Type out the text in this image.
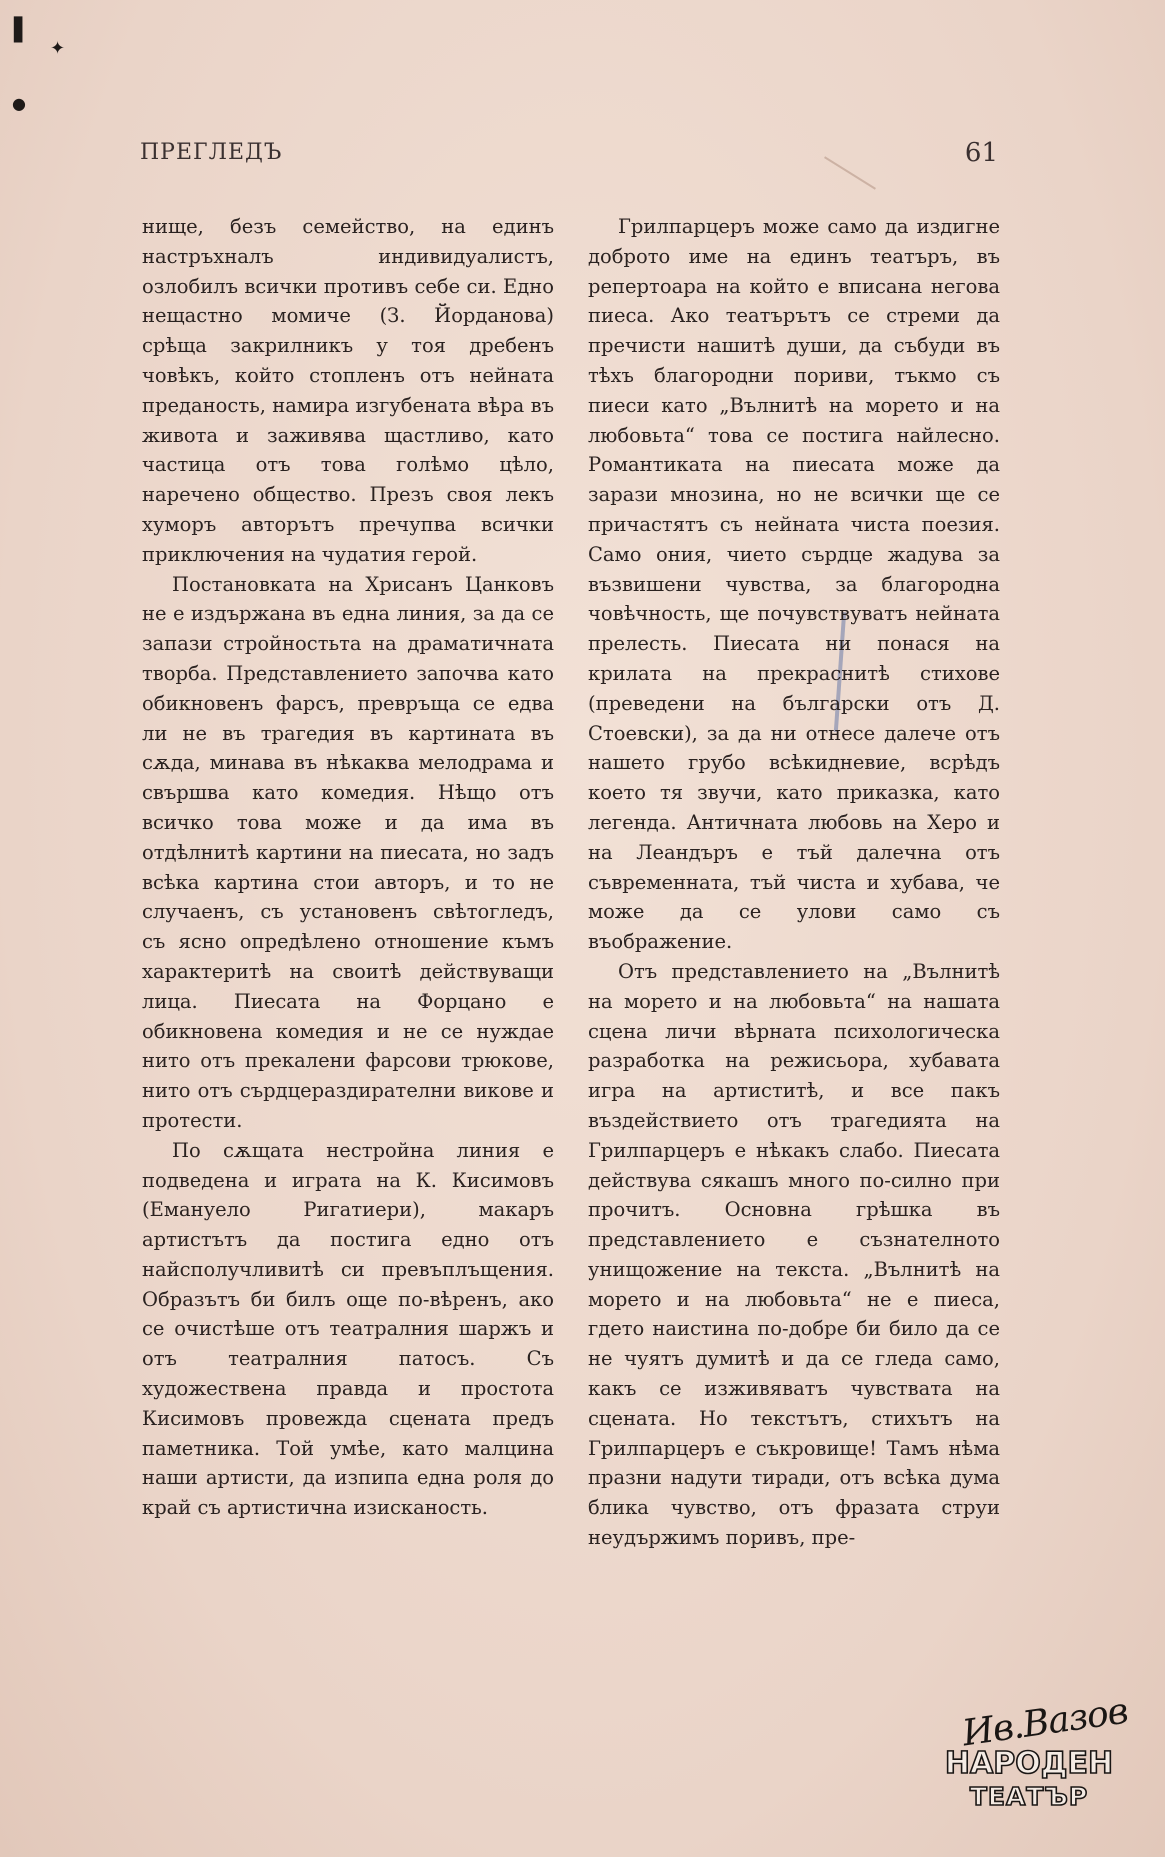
▌
✦
●
ПРЕГЛЕДЪ	61

нище, безъ семейство, на единъ настръхналъ индивидуалистъ, озлобилъ всички противъ себе си. Едно нещастно момиче (З. Йорданова) срѣща закрилникъ у тоя дребенъ човѣкъ, който стопленъ отъ нейната преданость, намира изгубената вѣра въ живота и заживява щастливо, като частица отъ това голѣмо цѣло, наречено общество. Презъ своя лекъ хуморъ авторътъ пречупва всички приключения на чудатия герой.

Постановката на Хрисанъ Цанковъ не е издържана въ една линия, за да се запази стройностьта на драматичната творба. Представлението започва като обикновенъ фарсъ, превръща се едва ли не въ трагедия въ картината въ сѫда, минава въ нѣкаква мелодрама и свършва като комедия. Нѣщо отъ всичко това може и да има въ отдѣлнитѣ картини на пиесата, но задъ всѣка картина стои авторъ, и то не случаенъ, съ установенъ свѣтогледъ, съ ясно опредѣлено отношение къмъ характеритѣ на своитѣ действуващи лица. Пиесата на Форцано е обикновена комедия и не се нуждае нито отъ прекалени фарсови трюкове, нито отъ сърдцераздирателни викове и протести.

По сѫщата нестройна линия е подведена и играта на К. Кисимовъ (Емануело Ригатиери), макаръ артистътъ да постига едно отъ найсполучливитѣ си превъплъщения. Образътъ би билъ още по-вѣренъ, ако се очистѣше отъ театралния шаржъ и отъ театралния патосъ. Съ художествена правда и простота Кисимовъ провежда сцената предъ паметника. Той умѣе, като малцина наши артисти, да изпипа една роля до край съ артистична изисканость.

Грилпарцеръ може само да издигне доброто име на единъ театъръ, въ репертоара на който е вписана негова пиеса. Ако театърътъ се стреми да пречисти нашитѣ души, да събуди въ тѣхъ благородни пориви, тъкмо съ пиеси като „Вълнитѣ на морето и на любовьта“ това се постига найлесно. Романтиката на пиесата може да зарази мнозина, но не всички ще се причастятъ съ нейната чиста поезия. Само ония, чието сърдце жадува за възвишени чувства, за благородна човѣчность, ще почувствуватъ нейната прелесть. Пиесата ни понася на крилата на прекраснитѣ стихове (преведени на български отъ Д. Стоевски), за да ни отнесе далече отъ нашето грубо всѣкидневие, всрѣдъ което тя звучи, като приказка, като легенда. Античната любовь на Херо и на Леандъръ е тъй далечна отъ съвременната, тъй чиста и хубава, че може да се улови само съ въображение.

Отъ представлението на „Вълнитѣ на морето и на любовьта“ на нашата сцена личи вѣрната психологическа разработка на режисьора, хубавата игра на артиститѣ, и все пакъ въздействието отъ трагедията на Грилпарцеръ е нѣкакъ слабо. Пиесата действува сякашъ много по-силно при прочитъ. Основна грѣшка въ представлението е съзнателното унищожение на текста. „Вълнитѣ на морето и на любовьта“ не е пиеса, гдето наистина по-добре би било да се не чуятъ думитѣ и да се гледа само, какъ се изживяватъ чувствата на сцената. Но текстътъ, стихътъ на Грилпарцеръ е съкровище! Тамъ нѣма празни надути тиради, отъ всѣка дума блика чувство, отъ фразата струи неудържимъ поривъ, пре-

Ив.Вазов
НАРОДЕН
ТЕАТЪР
